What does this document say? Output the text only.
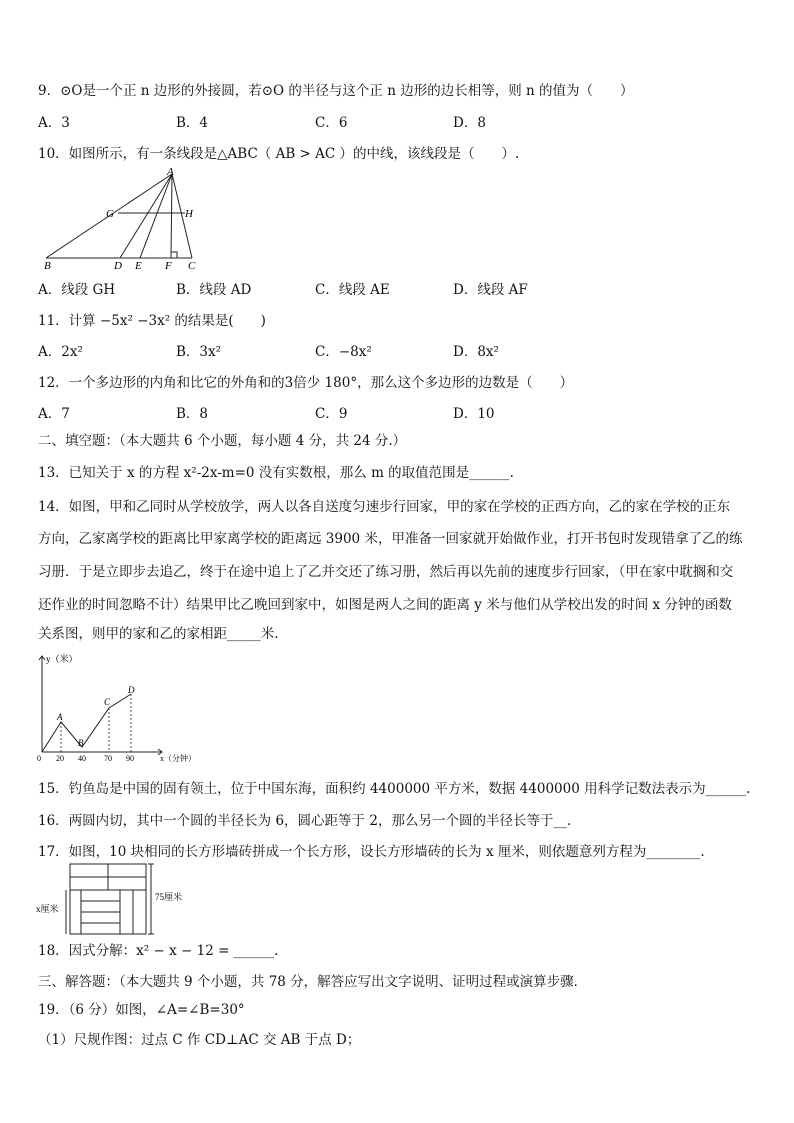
9．⊙O是一个正 n 边形的外接圆，若⊙O 的半径与这个正 n 边形的边长相等，则 n 的值为（　　）
A．3	B．4	C．6	D．8
10．如图所示，有一条线段是△ABC（ AB > AC ）的中线，该线段是（　　）.
A
G	H
B	D E F C
A．线段 GH	B．线段 AD	C．线段 AE	D．线段 AF
11．计算 −5x² −3x² 的结果是(　　)
A．2x²	B．3x²	C．−8x²	D．8x²
12．一个多边形的内角和比它的外角和的3倍少 180°，那么这个多边形的边数是（　　）
A．7	B．8	C．9	D．10
二、填空题：（本大题共 6 个小题，每小题 4 分，共 24 分.）
13．已知关于 x 的方程 x²-2x-m=0 没有实数根，那么 m 的取值范围是______.
14．如图，甲和乙同时从学校放学，两人以各自送度匀速步行回家，甲的家在学校的正西方向，乙的家在学校的正东
方向，乙家离学校的距离比甲家离学校的距离远 3900 米，甲准备一回家就开始做作业，打开书包时发现错拿了乙的练
习册．于是立即步去追乙，终于在途中追上了乙并交还了练习册，然后再以先前的速度步行回家，（甲在家中耽搁和交
还作业的时间忽略不计）结果甲比乙晚回到家中，如图是两人之间的距离 y 米与他们从学校出发的时间 x 分钟的函数
关系图，则甲的家和乙的家相距_____米.
y（米）
x（分钟）
0 20 40 70 90
A
B
C
D
15．钓鱼岛是中国的固有领土，位于中国东海，面积约 4400000 平方米，数据 4400000 用科学记数法表示为______.
16．两圆内切，其中一个圆的半径长为 6，圆心距等于 2，那么另一个圆的半径长等于__.
17．如图，10 块相同的长方形墙砖拼成一个长方形，设长方形墙砖的长为 x 厘米，则依题意列方程为________.
x厘米
75厘米
18．因式分解：x² − x − 12 = ______.
三、解答题：（本大题共 9 个小题，共 78 分，解答应写出文字说明、证明过程或演算步骤．
19．（6 分）如图，∠A=∠B=30°
（1）尺规作图：过点 C 作 CD⊥AC 交 AB 于点 D；
